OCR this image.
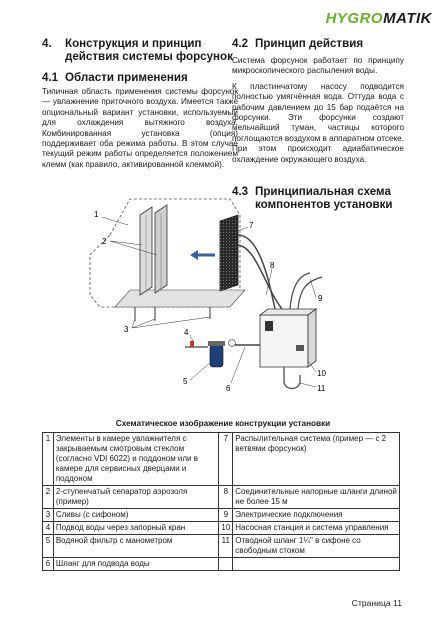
HYGROMATIK
4.	Конструкция и принцип действия системы форсунок
4.1 Области применения

Типичная область применения системы форсунок — увлажнение приточного воздуха. Имеется также опциональный вариант установки, используемый для охлаждения вытяжного воздуха. Комбинированная установка (опция) поддерживает оба режима работы. В этом случае текущий режим работы определяется положением клемм (как правило, активированной клеммой).

4.2 Принцип действия

Система форсунок работает по принципу микроскопического распыления воды.

К пластинчатому насосу подводится полностью умягчённая вода. Оттуда вода с рабочим давлением до 15 бар подаётся на форсунки. Эти форсунки создают мельчайший туман, частицы которого поглощаются воздухом в аппаратном отсеке. При этом происходит адиабатическое охлаждение окружающего воздуха.

4.3 Принципиальная схема компонентов установки
1
2
3	4
5
6
7
8
9
10
11
Схематическое изображение конструкции установки
1	Элементы в камере увлажнителя с закрываемым смотровым стеклом (согласно VDI 6022) и поддоном или в камере для сервисных дверцами и поддоном	7	Распылительная система (пример — с 2 ветвями форсунок)
2	2-ступенчатый сепаратор аэрозоля (пример)	8	Соединительные напорные шланги длиной не более 15 м
3	Сливы (с сифоном)	9	Электрические подключения
4	Подвод воды через запорный кран	10	Насосная станция и система управления
5	Водяной фильтр с манометром	11	Отводной шланг 1¼" в сифоне со свободным стоком
6	Шланг для подвода воды		
Страница 11
